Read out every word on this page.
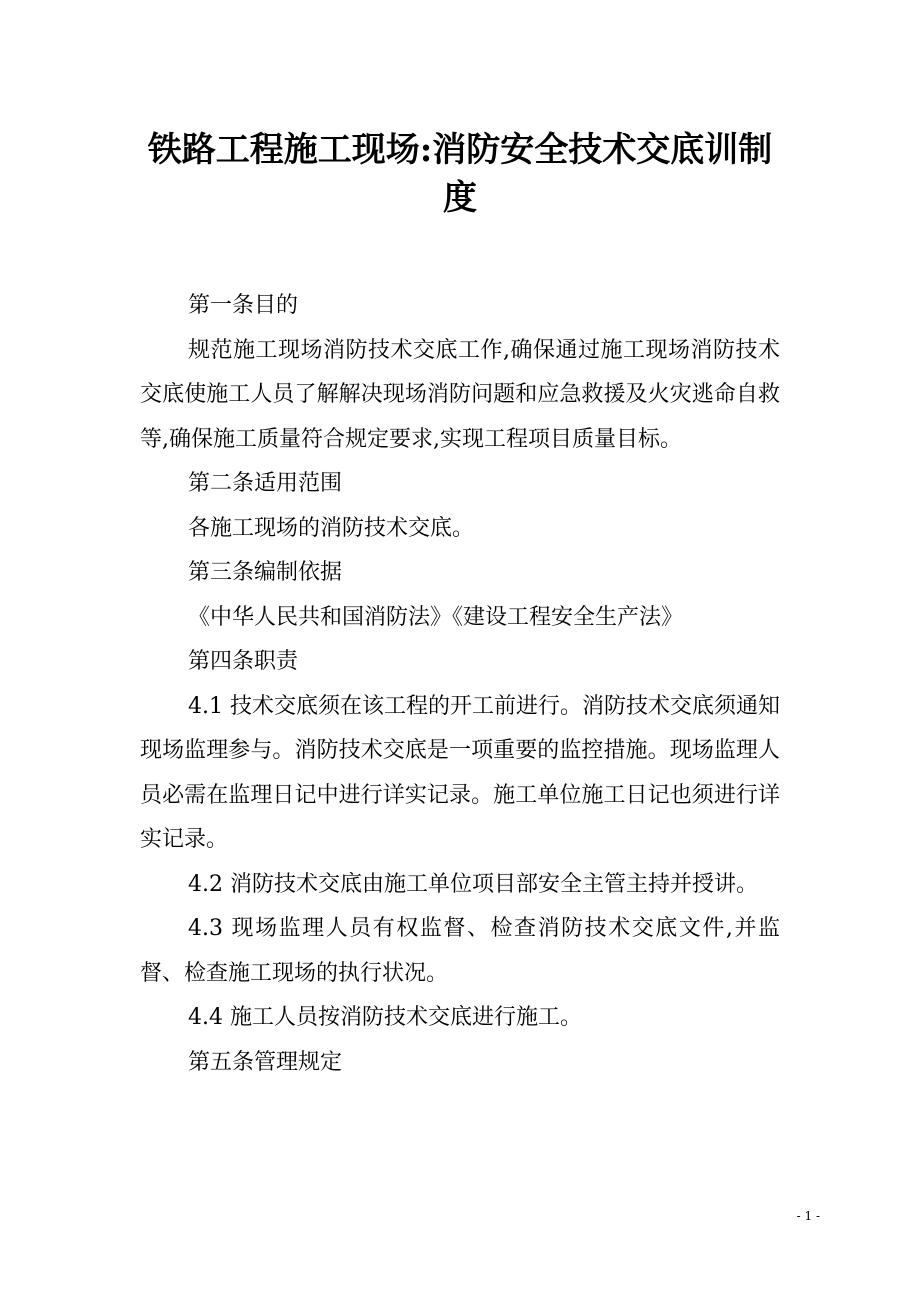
铁路工程施工现场:消防安全技术交底训制度

第一条目的

规范施工现场消防技术交底工作,确保通过施工现场消防技术交底使施工人员了解解决现场消防问题和应急救援及火灾逃命自救等,确保施工质量符合规定要求,实现工程项目质量目标。

第二条适用范围

各施工现场的消防技术交底。

第三条编制依据

《中华人民共和国消防法》《建设工程安全生产法》

第四条职责

4.1 技术交底须在该工程的开工前进行。消防技术交底须通知现场监理参与。消防技术交底是一项重要的监控措施。现场监理人员必需在监理日记中进行详实记录。施工单位施工日记也须进行详实记录。

4.2 消防技术交底由施工单位项目部安全主管主持并授讲。

4.3 现场监理人员有权监督、检查消防技术交底文件,并监督、检查施工现场的执行状况。

4.4 施工人员按消防技术交底进行施工。

第五条管理规定

- 1 -
